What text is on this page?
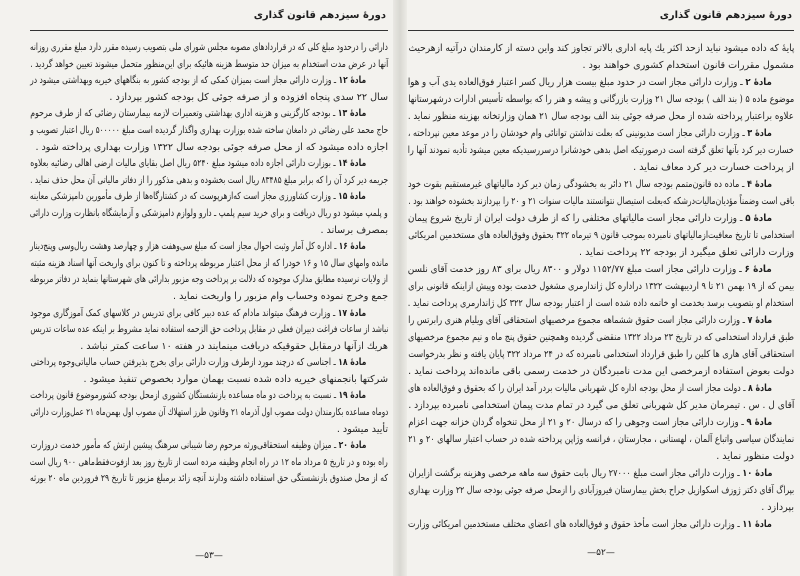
دورهٔ سیزدهم قانون گذاری
دارائی را درحدود مبلغ کلی که در قراردادهای مصوبه مجلس شورای ملی بتصویب رسیده مقرر دارد مبلغ مقرری روزانه
آنها در عرض مدت استخدام به میزان حد متوسط هزینه هائیکه برای این‌منظور متحمل میشوند تعیین خواهد گردید .
مادهٔ ۱۲ ـ وزارت دارائی مجاز است بمیزان کمکی که از بودجه کشور به بنگاههای خیریه وبهداشتی میشود در
سال ۲۲ سدی پنجاه افزوده و از صرفه جوئی کل بودجه کشور بپردازد .
مادهٔ ۱۳ ـ بودجه کارگزینی و هزینه اداری بهداشتی وتعمیرات لازمه بیمارستان رضائی که از طرف مرحوم
حاج محمد علی رضائی در دامغان ساخته شده بوزارت بهداری واگذار گردیده است مبلغ ۵۰۰۰۰۰ ریال اعتبار تصویب و
اجازه داده میشود که از محل صرفه جوئی بودجه سال ۱۳۲۲ وزارت بهداری پرداخته شود .
مادهٔ ۱۴ ـ بوزارت دارائی اجازه داده میشود مبلغ ۵۲۴۰ ریال اصل بقایای مالیات ارضی اهالی رضائیه بعلاوه
جریمه دیر کرد آن را که برابر مبلغ ۸۳۴۸۵ ریال است بخشوده و بدهی مذکور را از دفاتر مالیاتی آن محل حذف نماید .
مادهٔ ۱۵ ـ وزارت کشاورزی مجاز است که‌ازهرپوست که در کشتارگاه‌ها از طرف مأمورین دامپزشکی معاینه
و پلمپ میشود دو ریال دریافت و برای خرید سیم پلمپ ـ دارو ولوازم دامپزشکی و آزمایشگاه بانظارت وزارت دارائی
بمصرف برساند .
مادهٔ ۱۶ ـ اداره کل آمار وثبت احوال مجاز است که مبلغ سی‌وهفت هزار و چهارصد وهشت ریال‌وسی وپنج‌دینار
مانده وامهای سال ۱۵ و ۱۶ خودرا که از محل اعتبار مربوطه پرداخته و تا کنون برای واریخت آنها اسناد هزینه مثبته
از ولایات نرسیده مطابق مدارک موجوده که دلالت بر پرداخت وجه مزبور بدارائی های شهرستانها بنماید در دفاتر مربوطه
جمع وخرج نموده وحساب وام مزبور را واریخت نماید .
مادهٔ ۱۷ ـ وزارت فرهنگ میتواند مادام که عده دبیر کافی برای تدریس در کلاسهای کمک آموزگاری موجود
نباشد از ساعات فراغت دبیران فعلی در مقابل پرداخت حق الزحمه استفاده نماید مشروط بر اینکه عده ساعات تدریس
هریك ازآنها درمقابل حقوقیکه دریافت مینمایند در هفته ۱۰ ساعت کمتر نباشد .
مادهٔ ۱۸ ـ اجناسی که درچند مورد ازطرف وزارت دارائی برای بخرج بذیرفتن حساب مالیاتی‌وجوه پرداختی
شرکتها بانجمنهای خیریه داده شده نسبت بهمان موارد بخصوص تنفیذ میشود .
مادهٔ ۱۹ ـ نسبت به پرداخت دو ماه مساعده بازنشستگان کشوری ازمحل بودجه کشورموضوع قانون پرداخت
دوماه مساعده بکارمندان دولت مصوب اول آذرماه ۲۱ وقانون طرز استهلاك آن مصوب اول بهمن‌ماه ۲۱ عمل‌وزارت دارائی
تأیید میشود .
مادهٔ ۲۰ ـ میزان وظیفه استحقاقی‌ورثه مرحوم رضا شیبانی سرهنگ پیشین ارتش که مأمور خدمت دروزارت
راه بوده و در تاریخ ۵ مرداد ماه ۱۲ در راه انجام وظیفه مرده است از تاریخ روز بعد ازفوت‌فقط‌ماهی ۹۰۰ ریال است
که از محل صندوق بازنشستگی حق استفاده داشته ودارند آنچه زائد برمبلغ مزبور تا تاریخ ۲۹ فروردین ماه ۲۰ بورثه
—۵۳—
دورهٔ سیزدهم قانون گذاری
پایهٔ که داده میشود نباید ازحد اکثر یك پایه اداری بالاتر تجاوز کند واین دسته از کارمندان درآتیه ازهرحیث
مشمول مقررات قانون استخدام کشوری خواهند بود .
مادهٔ ۲ ـ وزارت دارائی مجاز است در حدود مبلغ بیست هزار ریال کسر اعتبار فوق‌العاده یدی آب و هوا
موضوع ماده ۵ ( بند الف ) بودجه سال ۲۱ وزارت بازرگانی و پیشه و هنر را که بواسطه تأسیس ادارات درشهرستانها
علاوه براعتبار پرداخته شده از محل صرفه جوئی بند الف بودجه سال ۲۱ همان وزارتخانه بهزینه منظور نماید .
مادهٔ ۳ ـ وزارت دارائی مجاز است مدیونینی که بعلت نداشتن توانائی وام خودشان را در موعد معین نپرداخته ،
خسارت دیر کرد بآنها تعلق گرفته است درصورتیکه اصل بدهی خودشانرا درسررسیدیکه معین میشود تأدیه نمودند آنها را
از پرداخت خسارت دیر کرد معاف نماید .
مادهٔ ۴ ـ ماده ده قانون‌متمم بودجه سال ۲۱ دائر به بخشودگی زمان دیر کرد مالیاتهای غیرمستقیم بقوت خود
باقی است وضمناً مؤدیان‌مالیات‌درشکه که‌بعلت استیصال نتوانستند مالیات سنوات ۲۱ و ۲۰ را بپردازند بخشوده خواهند بود .
مادهٔ ۵ ـ وزارت دارائی مجاز است مالیاتهای مختلفی را که از طرف دولت ایران از تاریخ شروع پیمان
استخدامی تا تاریخ معافیت‌از‌مالیاتهای نامبرده بموجب قانون ۹ تیرماه ۳۲۲ بحقوق وفوق‌العاده های مستخدمین امریکائی
وزارت دارائی تعلق میگیرد از بودجه ۲۲ پرداخت نماید .
مادهٔ ۶ ـ وزارت دارائی مجاز است مبلغ ۱۱۵۲/۷۷ دولار و ۸۳۰۰ ریال برای ۸۳ روز خدمت آقای نلسن
بیمن که از ۱۹ بهمن ۲۱ تا ۹ اردیبهشت ۱۳۲۲ دراداره کل ژاندارمری مشغول خدمت بوده وپیش ازاینکه قانونی برای
استخدام او بتصویب برسد بخدمت او خاتمه داده شده است از اعتبار بودجه سال ۳۲۲ کل ژاندارمری پرداخت نماید .
مادهٔ ۷ ـ وزارت دارائی مجاز است حقوق ششماهه مجموع مرخصیهای استحقاقی آقای ویلیام هنری رابرتس را
طبق قرارداد استخدامی که در تاریخ ۲۳ مرداد ۱۳۲۲ منقضی گردیده وهمچنین حقوق پنج ماه و نیم مجموع مرخصیهای
استحقاقی آقای هاری ها کلین را طبق قرارداد استخدامی نامبرده که در ۲۴ مرداد ۳۲۲ پایان یافته و نظر بدرخواست
دولت بعوض استفاده ازمرخصی این مدت نامبردگان در خدمت رسمی باقی مانده‌اند پرداخت نماید .
مادهٔ ۸ ـ دولت مجاز است از محل بودجه اداره کل شهربانی مالیات بردر آمد ایران را که بحقوق و فوق‌العاده های
آقای ل . س . تیمرمان مدیر کل شهربانی تعلق می گیرد در تمام مدت پیمان استخدامی نامبرده بپردازد .
مادهٔ ۹ ـ وزارت دارائی مجاز است وجوهی را که درسال ۲۰ و ۲۱ از محل تنخواه گردان خزانه جهت اعزام
نمایندگان سیاسی واتباع آلمان ، لهستانی ، مجارستان ، فرانسه وژاپن پرداخته شده در حساب اعتبار سالهای ۲۰ و ۲۱
دولت منظور نماید .
مادهٔ ۱۰ ـ وزارت دارائی مجاز است مبلغ ۲۷۰۰۰ ریال بابت حقوق سه ماهه مرخصی وهزینه برگشت ازایران
بپراگ آقای دکتر ژوزف اسکوازیل جراح بخش بیمارستان فیروزآبادی را ازمحل صرفه جوئی بودجه سال ۲۲ وزارت بهداری
بپردازد .
مادهٔ ۱۱ ـ وزارت دارائی مجاز است مأخذ حقوق و فوق‌العاده های اعضای مختلف مستخدمین امریکائی وزارت
—۵۲—
